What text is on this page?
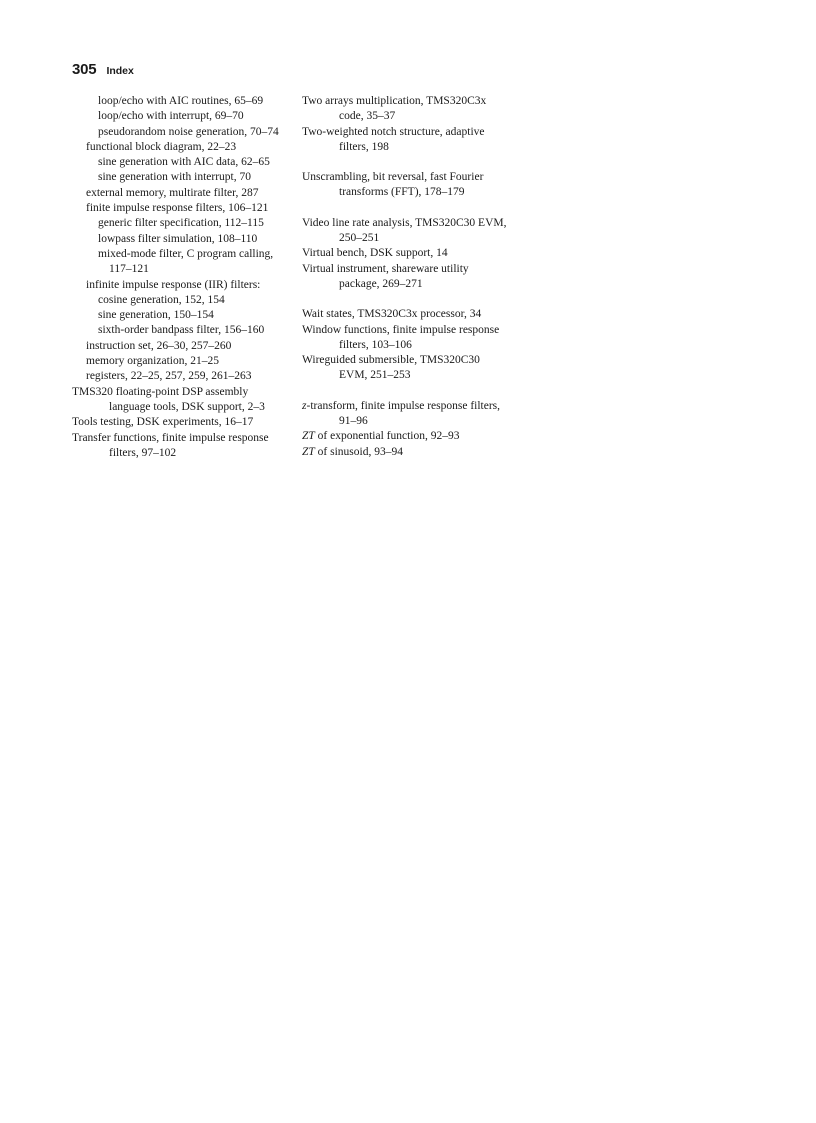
305 Index
loop/echo with AIC routines, 65–69
loop/echo with interrupt, 69–70
pseudorandom noise generation, 70–74
functional block diagram, 22–23
sine generation with AIC data, 62–65
sine generation with interrupt, 70
external memory, multirate filter, 287
finite impulse response filters, 106–121
generic filter specification, 112–115
lowpass filter simulation, 108–110
mixed-mode filter, C program calling,
117–121
infinite impulse response (IIR) filters:
cosine generation, 152, 154
sine generation, 150–154
sixth-order bandpass filter, 156–160
instruction set, 26–30, 257–260
memory organization, 21–25
registers, 22–25, 257, 259, 261–263
TMS320 floating-point DSP assembly
language tools, DSK support, 2–3
Tools testing, DSK experiments, 16–17
Transfer functions, finite impulse response
filters, 97–102
Two arrays multiplication, TMS320C3x
code, 35–37
Two-weighted notch structure, adaptive
filters, 198
Unscrambling, bit reversal, fast Fourier
transforms (FFT), 178–179
Video line rate analysis, TMS320C30 EVM,
250–251
Virtual bench, DSK support, 14
Virtual instrument, shareware utility
package, 269–271
Wait states, TMS320C3x processor, 34
Window functions, finite impulse response
filters, 103–106
Wireguided submersible, TMS320C30
EVM, 251–253
z-transform, finite impulse response filters,
91–96
ZT of exponential function, 92–93
ZT of sinusoid, 93–94
